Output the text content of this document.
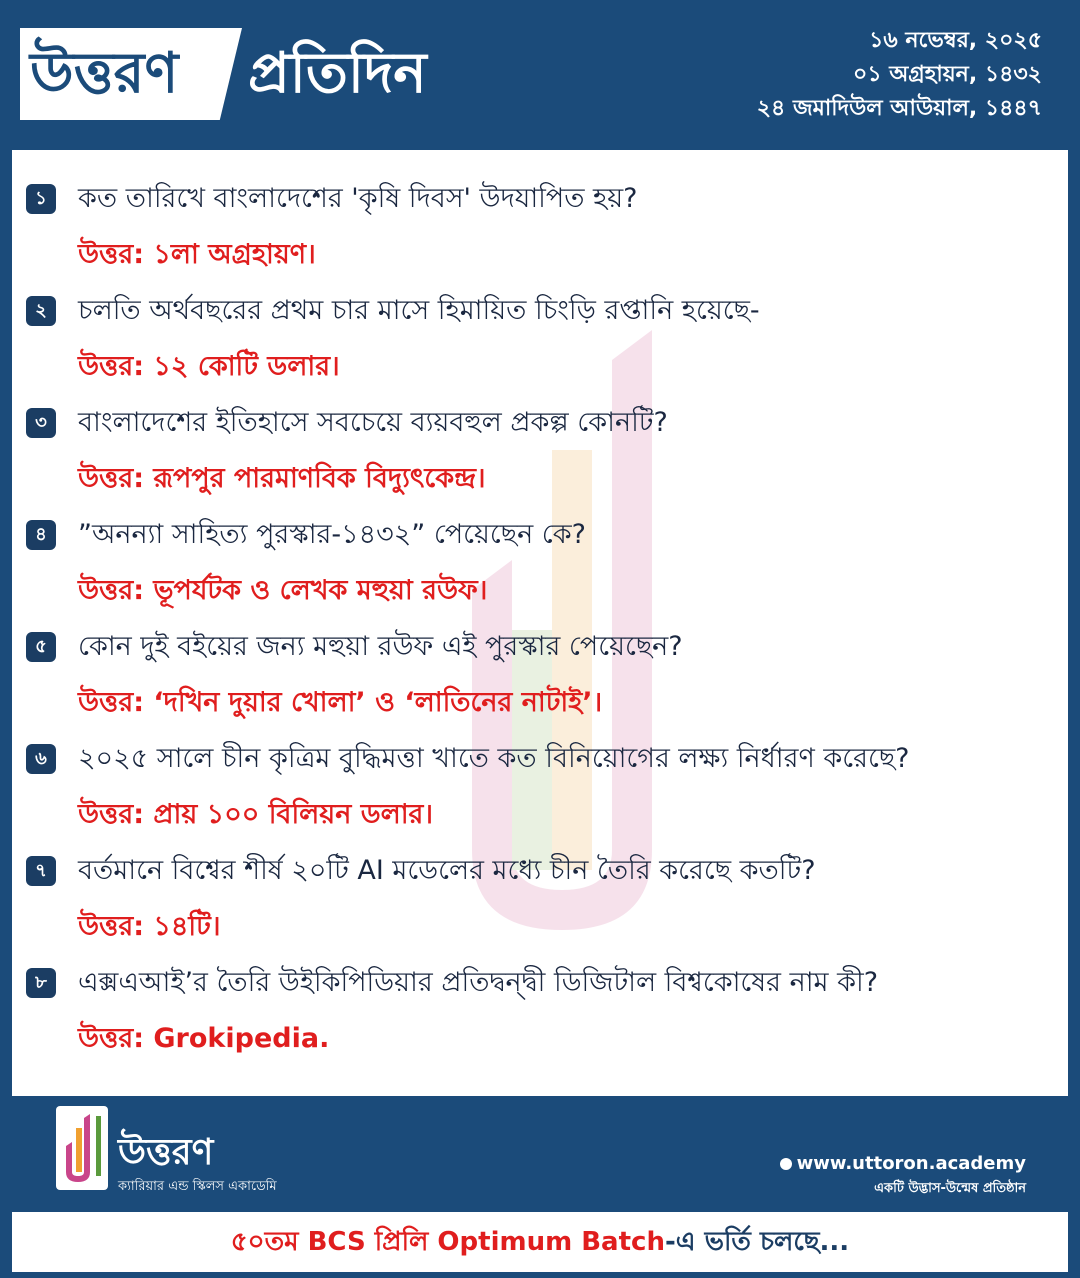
উত্তরণ প্রতিদিন
১৬ নভেম্বর, ২০২৫
০১ অগ্রহায়ন, ১৪৩২
২৪ জমাদিউল আউয়াল, ১৪৪৭
১	কত তারিখে বাংলাদেশের 'কৃষি দিবস' উদযাপিত হয়?
উত্তর: ১লা অগ্রহায়ণ।
২	চলতি অর্থবছরের প্রথম চার মাসে হিমায়িত চিংড়ি রপ্তানি হয়েছে-
উত্তর: ১২ কোটি ডলার।
৩	বাংলাদেশের ইতিহাসে সবচেয়ে ব্যয়বহুল প্রকল্প কোনটি?
উত্তর: রূপপুর পারমাণবিক বিদ্যুৎকেন্দ্র।
৪	”অনন্যা সাহিত্য পুরস্কার-১৪৩২” পেয়েছেন কে?
উত্তর: ভূপর্যটক ও লেখক মহুয়া রউফ।
৫	কোন দুই বইয়ের জন্য মহুয়া রউফ এই পুরস্কার পেয়েছেন?
উত্তর: ‘দখিন দুয়ার খোলা’ ও ‘লাতিনের নাটাই’।
৬	২০২৫ সালে চীন কৃত্রিম বুদ্ধিমত্তা খাতে কত বিনিয়োগের লক্ষ্য নির্ধারণ করেছে?
উত্তর: প্রায় ১০০ বিলিয়ন ডলার।
৭	বর্তমানে বিশ্বের শীর্ষ ২০টি AI মডেলের মধ্যে চীন তৈরি করেছে কতটি?
উত্তর: ১৪টি।
৮	এক্সএআই’র তৈরি উইকিপিডিয়ার প্রতিদ্বন্দ্বী ডিজিটাল বিশ্বকোষের নাম কী?
উত্তর: Grokipedia.
উত্তরণ
ক্যারিয়ার এন্ড স্কিলস একাডেমি
www.uttoron.academy
একটি উদ্ভাস-উন্মেষ প্রতিষ্ঠান
৫০তম BCS প্রিলি Optimum Batch-এ ভর্তি চলছে...
